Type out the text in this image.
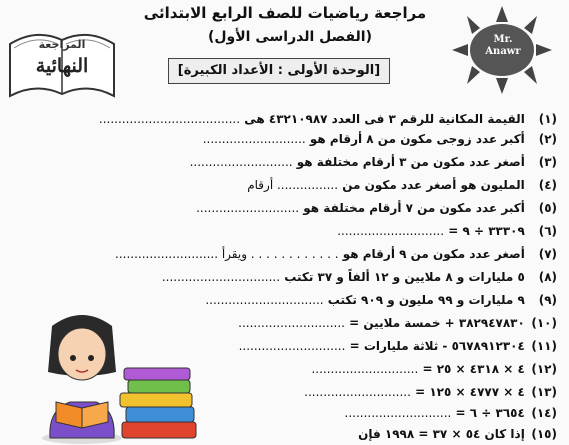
المراجعة
النهائية
Mr.
Anawr
مراجعة رياضيات للصف الرابع الابتدائى
(الفصل الدراسى الأول)
[الوحدة الأولى : الأعداد الكبيرة]
(١) القيمة المكانية للرقم ٣ فى العدد ٤٣٢١٠٩٨٧ هى .....................................
(٢) أكبر عدد زوجى مكون من ٨ أرقام هو ...........................
(٣) أصغر عدد مكون من ٣ أرقام مختلفة هو ...........................
(٤) المليون هو أصغر عدد مكون من ................ أرقام
(٥) أكبر عدد مكون من ٧ أرقام مختلفة هو ...........................
(٦) ٣٣٣٠٩ ÷ ٩ = ............................
(٧) أصغر عدد مكون من ٩ أرقام هو . . . . . . . . . . . . ويقرأ ...........................
(٨) ٥ مليارات و ٨ ملايين و ١٢ ألفاً و ٣٧ تكتب ...............................
(٩) ٩ مليارات و ٩٩ مليون و ٩٠٩ تكتب ...............................
(١٠) ٣٨٢٩٤٧٨٣٠ + خمسة ملايين = ............................
(١١) ٥٦٧٨٩١٢٣٠٤ - ثلاثة مليارات = ............................
(١٢) ٤ × ٤٣١٨ × ٢٥ = ............................
(١٣) ٤ × ٤٧٧٧ × ١٢٥ = ............................
(١٤) ٣٦٥٤ ÷ ٦ = ............................
(١٥) إذا كان ٥٤ × ٣٧ = ١٩٩٨ فإن
